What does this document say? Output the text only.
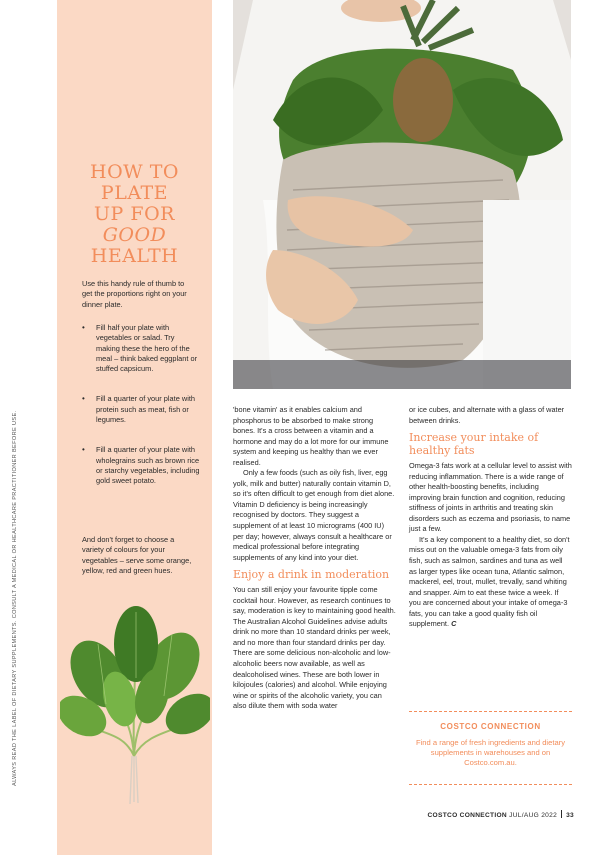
ALWAYS READ THE LABEL OF DIETARY SUPPLEMENTS. CONSULT A MEDICAL OR HEALTHCARE PRACTITIONER BEFORE USE.
HOW TO
PLATE
UP FOR
GOOD
HEALTH

Use this handy rule of thumb to get the proportions right on your dinner plate.

• Fill half your plate with vegetables or salad. Try making these the hero of the meal – think baked eggplant or stuffed capsicum.
• Fill a quarter of your plate with protein such as meat, fish or legumes.
• Fill a quarter of your plate with wholegrains such as brown rice or starchy vegetables, including gold sweet potato.

And don't forget to choose a variety of colours for your vegetables – serve some orange, yellow, red and green hues.

'bone vitamin' as it enables calcium and phosphorus to be absorbed to make strong bones. It's a cross between a vitamin and a hormone and may do a lot more for our immune system and keeping us healthy than we ever realised.

Only a few foods (such as oily fish, liver, egg yolk, milk and butter) naturally contain vitamin D, so it's often difficult to get enough from diet alone. Vitamin D deficiency is being increasingly recognised by doctors. They suggest a supplement of at least 10 micrograms (400 IU) per day; however, always consult a healthcare or medical professional before integrating supplements of any kind into your diet.

Enjoy a drink in moderation

You can still enjoy your favourite tipple come cocktail hour. However, as research continues to say, moderation is key to maintaining good health. The Australian Alcohol Guidelines advise adults drink no more than 10 standard drinks per week, and no more than four standard drinks per day. There are some delicious non-alcoholic and low-alcoholic beers now available, as well as dealcoholised wines. These are both lower in kilojoules (calories) and alcohol. While enjoying wine or spirits of the alcoholic variety, you can also dilute them with soda water

or ice cubes, and alternate with a glass of water between drinks.

Increase your intake of healthy fats

Omega-3 fats work at a cellular level to assist with reducing inflammation. There is a wide range of other health-boosting benefits, including improving brain function and cognition, reducing stiffness of joints in arthritis and treating skin disorders such as eczema and psoriasis, to name just a few.

It's a key component to a healthy diet, so don't miss out on the valuable omega-3 fats from oily fish, such as salmon, sardines and tuna as well as larger types like ocean tuna, Atlantic salmon, mackerel, eel, trout, mullet, trevally, sand whiting and snapper. Aim to eat these twice a week. If you are concerned about your intake of omega-3 fats, you can take a good quality fish oil supplement. C

COSTCO CONNECTION
Find a range of fresh ingredients and dietary supplements in warehouses and on Costco.com.au.
COSTCO CONNECTION JUL/AUG 2022 33
